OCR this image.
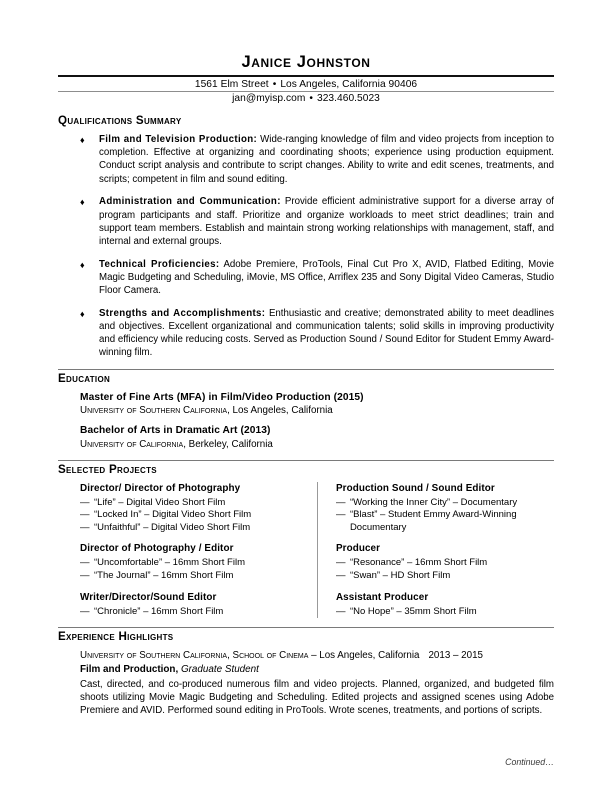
Janice Johnston
1561 Elm Street • Los Angeles, California 90406
jan@myisp.com • 323.460.5023
Qualifications Summary
♦ Film and Television Production: Wide-ranging knowledge of film and video projects from inception to completion. Effective at organizing and coordinating shoots; experience using production equipment. Conduct script analysis and contribute to script changes. Ability to write and edit scenes, treatments, and scripts; competent in film and sound editing.
♦ Administration and Communication: Provide efficient administrative support for a diverse array of program participants and staff. Prioritize and organize workloads to meet strict deadlines; train and support team members. Establish and maintain strong working relationships with management, staff, and internal and external groups.
♦ Technical Proficiencies: Adobe Premiere, ProTools, Final Cut Pro X, AVID, Flatbed Editing, Movie Magic Budgeting and Scheduling, iMovie, MS Office, Arriflex 235 and Sony Digital Video Cameras, Studio Floor Camera.
♦ Strengths and Accomplishments: Enthusiastic and creative; demonstrated ability to meet deadlines and objectives. Excellent organizational and communication talents; solid skills in improving productivity and efficiency while reducing costs. Served as Production Sound / Sound Editor for Student Emmy Award-winning film.
Education
Master of Fine Arts (MFA) in Film/Video Production (2015)
University of Southern California, Los Angeles, California
Bachelor of Arts in Dramatic Art (2013)
University of California, Berkeley, California
Selected Projects
Director/ Director of Photography
— “Life” – Digital Video Short Film
— “Locked In” – Digital Video Short Film
— “Unfaithful” – Digital Video Short Film
Director of Photography / Editor
— “Uncomfortable” – 16mm Short Film
— “The Journal” – 16mm Short Film
Writer/Director/Sound Editor
— “Chronicle” – 16mm Short Film
Production Sound / Sound Editor
— “Working the Inner City” – Documentary
— “Blast” – Student Emmy Award-Winning Documentary
Producer
— “Resonance” – 16mm Short Film
— “Swan” – HD Short Film
Assistant Producer
— “No Hope” – 35mm Short Film
Experience Highlights
University of Southern California, School of Cinema – Los Angeles, California 2013 – 2015
Film and Production, Graduate Student
Cast, directed, and co-produced numerous film and video projects. Planned, organized, and budgeted film shoots utilizing Movie Magic Budgeting and Scheduling. Edited projects and assigned scenes using Adobe Premiere and AVID. Performed sound editing in ProTools. Wrote scenes, treatments, and portions of scripts.
Continued…
